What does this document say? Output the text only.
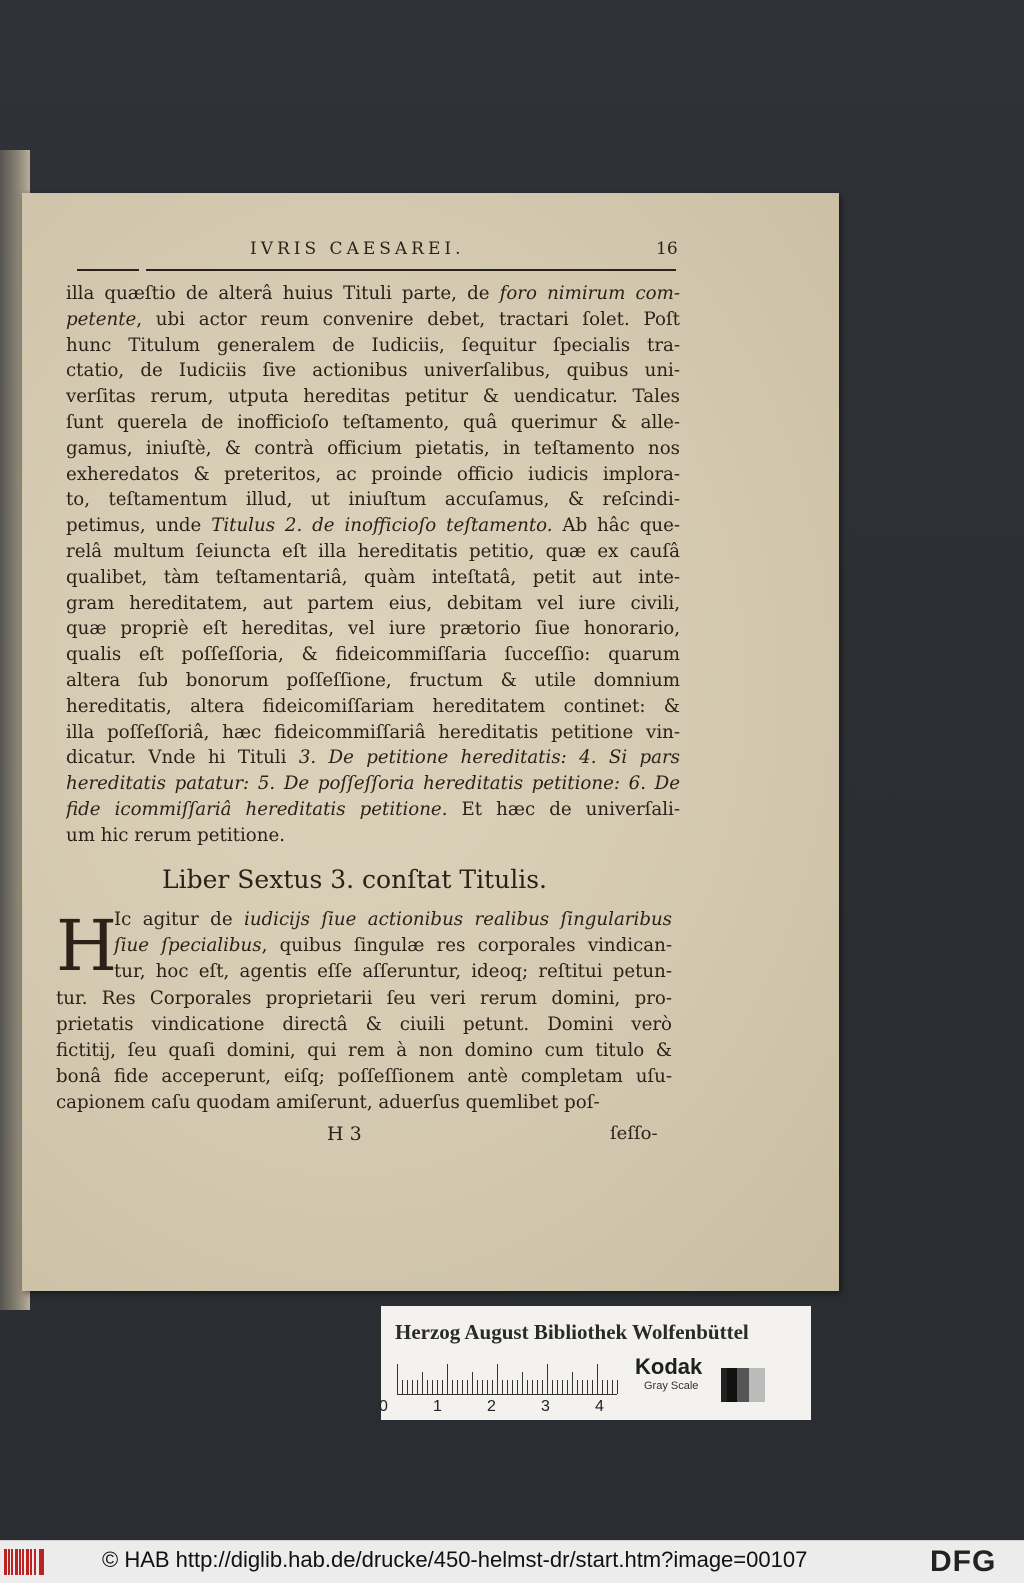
IVRIS CAESAREI.	16
illa quæſtio de alterâ huius Tituli parte, de foro nimirum com-
petente, ubi actor reum convenire debet, tractari ſolet. Poſt
hunc Titulum generalem de Iudiciis, ſequitur ſpecialis tra-
ctatio, de Iudiciis ſive actionibus univerſalibus, quibus uni-
verſitas rerum, utputa hereditas petitur & uendicatur. Tales
ſunt querela de inofficioſo teſtamento, quâ querimur & alle-
gamus, iniuſtè, & contrà officium pietatis, in teſtamento nos
exheredatos & preteritos, ac proinde officio iudicis implora-
to, teſtamentum illud, ut iniuſtum accuſamus, & reſcindi-
petimus, unde Titulus 2. de inofficioſo teſtamento. Ab hâc que-
relâ multum ſeiuncta eſt illa hereditatis petitio, quæ ex cauſâ
qualibet, tàm teſtamentariâ, quàm inteſtatâ, petit aut inte-
gram hereditatem, aut partem eius, debitam vel iure civili,
quæ propriè eſt hereditas, vel iure prætorio ſiue honorario,
qualis eſt poſſeſſoria, & fideicommiſſaria ſucceſſio: quarum
altera ſub bonorum poſſeſſione, fructum & utile domnium
hereditatis, altera fideicomiſſariam hereditatem continet: &
illa poſſeſſoriâ, hæc fideicommiſſariâ hereditatis petitione vin-
dicatur. Vnde hi Tituli 3. De petitione hereditatis: 4. Si pars
hereditatis patatur: 5. De poſſeſſoria hereditatis petitione: 6. De
fide icommiſſariâ hereditatis petitione. Et hæc de univerſali-
um hic rerum petitione.
Liber Sextus 3. conſtat Titulis.
H
Ic agitur de iudicijs ſiue actionibus realibus ſingularibus
ſiue ſpecialibus, quibus ſingulæ res corporales vindican-
tur, hoc eſt, agentis eſſe aſſeruntur, ideoq; reſtitui petun-
tur. Res Corporales proprietarii ſeu veri rerum domini, pro-
prietatis vindicatione directâ & ciuili petunt. Domini verò
fictitij, ſeu quaſi domini, qui rem à non domino cum titulo &
bonâ fide acceperunt, eiſq; poſſeſſionem antè completam uſu-
capionem caſu quodam amiſerunt, aduerſus quemlibet poſ-
H 3	ſeſſo-
Herzog August Bibliothek Wolfenbüttel
0	1	2	3	4
Kodak
Gray Scale
© HAB http://diglib.hab.de/drucke/450-helmst-dr/start.htm?image=00107	DFG
